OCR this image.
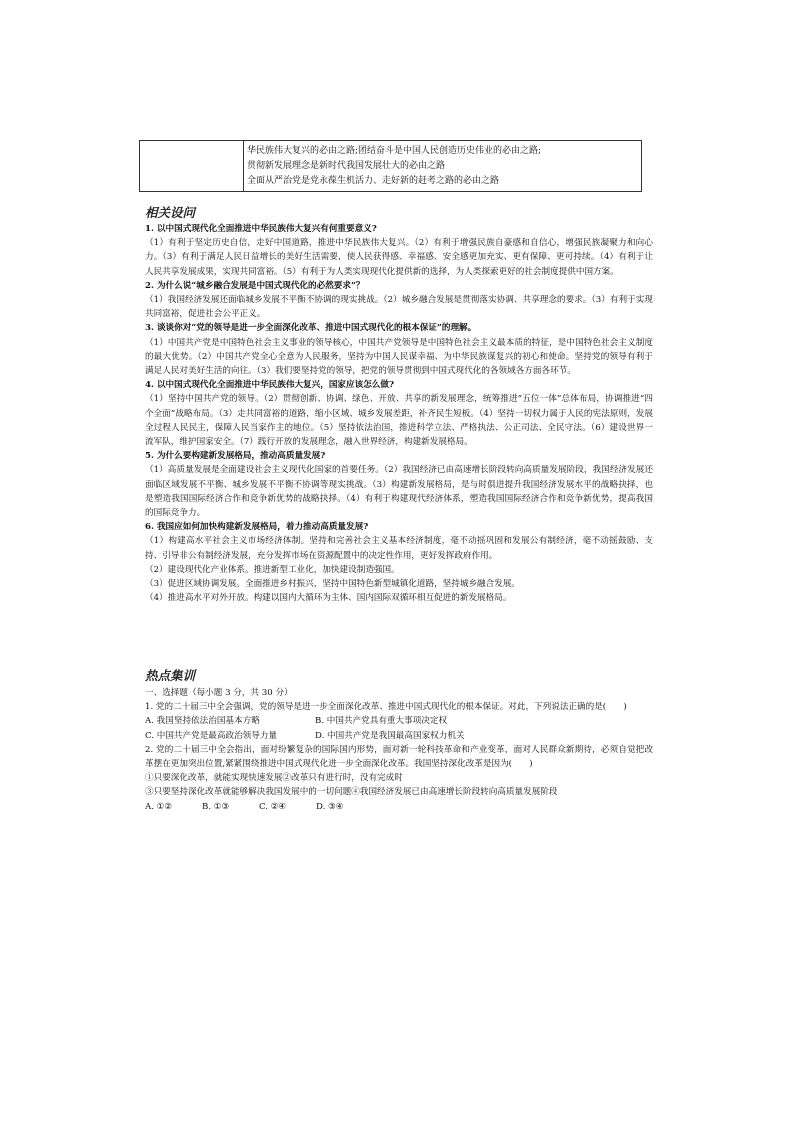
华民族伟大复兴的必由之路;团结奋斗是中国人民创造历史伟业的必由之路;
贯彻新发展理念是新时代我国发展壮大的必由之路
全面从严治党是党永葆生机活力、走好新的赶考之路的必由之路
相关设问
1. 以中国式现代化全面推进中华民族伟大复兴有何重要意义?
（1）有利于坚定历史自信，走好中国道路，推进中华民族伟大复兴。（2）有利于增强民族自豪感和自信心，增强民族凝聚力和向心力。（3）有利于满足人民日益增长的美好生活需要，使人民获得感、幸福感、安全感更加充实、更有保障、更可持续。（4）有利于让人民共享发展成果，实现共同富裕。（5）有利于为人类实现现代化提供新的选择，为人类探索更好的社会制度提供中国方案。
2. 为什么说“城乡融合发展是中国式现代化的必然要求”？
（1）我国经济发展还面临城乡发展不平衡不协调的现实挑战。（2）城乡融合发展是贯彻落实协调、共享理念的要求。（3）有利于实现共同富裕，促进社会公平正义。
3. 谈谈你对“党的领导是进一步全面深化改革、推进中国式现代化的根本保证”的理解。
（1）中国共产党是中国特色社会主义事业的领导核心，中国共产党领导是中国特色社会主义最本质的特征，是中国特色社会主义制度的最大优势。（2）中国共产党全心全意为人民服务，坚持为中国人民谋幸福、为中华民族谋复兴的初心和使命。坚持党的领导有利于满足人民对美好生活的向往。（3）我们要坚持党的领导，把党的领导贯彻到中国式现代化的各领域各方面各环节。
4. 以中国式现代化全面推进中华民族伟大复兴，国家应该怎么做?
（1）坚持中国共产党的领导。（2）贯彻创新、协调、绿色、开放、共享的新发展理念，统筹推进“五位一体”总体布局，协调推进“四个全面”战略布局。（3）走共同富裕的道路，缩小区域、城乡发展差距，补齐民生短板。（4）坚持一切权力属于人民的宪法原则，发展全过程人民民主，保障人民当家作主的地位。（5）坚持依法治国，推进科学立法、严格执法、公正司法、全民守法。（6）建设世界一流军队，维护国家安全。（7）践行开放的发展理念，融入世界经济，构建新发展格局。
5. 为什么要构建新发展格局，推动高质量发展?
（1）高质量发展是全面建设社会主义现代化国家的首要任务。（2）我国经济已由高速增长阶段转向高质量发展阶段，我国经济发展还面临区域发展不平衡、城乡发展不平衡不协调等现实挑战。（3）构建新发展格局，是与时俱进提升我国经济发展水平的战略抉择，也是塑造我国国际经济合作和竞争新优势的战略抉择。（4）有利于构建现代经济体系，塑造我国国际经济合作和竞争新优势，提高我国的国际竞争力。
6. 我国应如何加快构建新发展格局，着力推动高质量发展?
（1）构建高水平社会主义市场经济体制。坚持和完善社会主义基本经济制度，毫不动摇巩固和发展公有制经济，毫不动摇鼓励、支持、引导非公有制经济发展，充分发挥市场在资源配置中的决定性作用，更好发挥政府作用。
（2）建设现代化产业体系。推进新型工业化，加快建设制造强国。
（3）促进区域协调发展。全面推进乡村振兴，坚持中国特色新型城镇化道路，坚持城乡融合发展。
（4）推进高水平对外开放。构建以国内大循环为主体、国内国际双循环相互促进的新发展格局。
热点集训
一、选择题（每小题 3 分，共 30 分）
1. 党的二十届三中全会强调，党的领导是进一步全面深化改革、推进中国式现代化的根本保证。对此，下列说法正确的是(　　)
A. 我国坚持依法治国基本方略	B. 中国共产党具有重大事项决定权
C. 中国共产党是最高政治领导力量	D. 中国共产党是我国最高国家权力机关
2. 党的二十届三中全会指出，面对纷繁复杂的国际国内形势，面对新一轮科技革命和产业变革，面对人民群众新期待，必须自觉把改革摆在更加突出位置,紧紧围绕推进中国式现代化进一步全面深化改革。我国坚持深化改革是因为(　　)
①只要深化改革，就能实现快速发展②改革只有进行时，没有完成时
③只要坚持深化改革就能够解决我国发展中的一切问题④我国经济发展已由高速增长阶段转向高质量发展阶段
A. ①②	B. ①③	C. ②④	D. ③④
